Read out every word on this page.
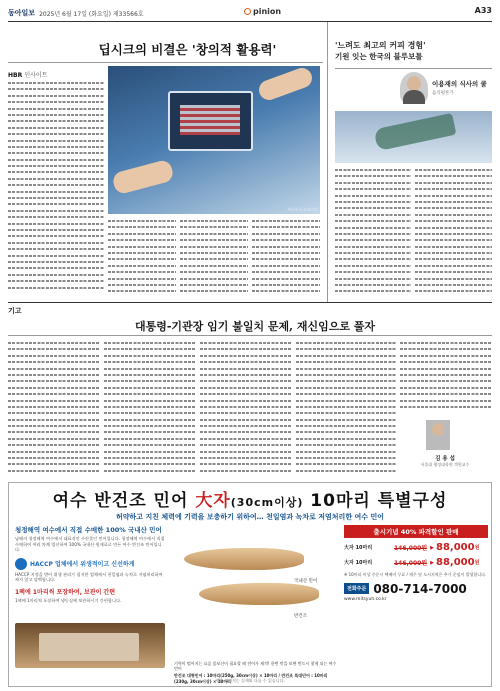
동아일보 2025년 6월 17일 (화요일)
제33566호	pinion	A33
딥시크의 비결은 '창의적 활용력'
HBR 인사이트
게티이미지코리아
'느려도 최고의 커피 경험'
기원 잇는 한국의 블루보틀
이용재의 식사의 쿨
음식평론가
기고
대통령-기관장 임기 불일치 문제, 재신임으로 풀자
김 용 섭
서울대 행정대학원 객원교수
여수 반건조 민어 大자(30cm이상) 10마리 특별구성
허약하고 지친 체력에 기력을 보충하기 위하여… 천일염과 녹차로 저염처리한 여수 민어
청정해역 여수에서 직접 수매한 100% 국내산 민어
남해의 청정해역 여수에서 대표적인 수산물인 민어입니다. 청정해역 여수에서 직접 수매하여 여러 차례 엄선하여 100% 국내산 원재료로 만든 여수 반건조 민어입니다.
HACCP 업체에서 위생적이고 신선하게
HACCP 지정을 받아 위생 관리가 철저한 업체에서 천일염과 녹차로 저염처리하여 짜지 않고 담백합니다.
1팩에 1마리씩 포장하여, 보관이 간편
1팩에 1마리씩 포장하여 냉동실에 보관하시기 간편합니다.
국내산 민어
반건조
기력이 떨어지는 요즘 몸보신이 필요할 때 민어가 제격! 한번 맛을 보면 반드시 찾게 되는 여수 민어
반건조 대형민어 : 10마리(250g, 30cm이상) × 10마리 / 반건조 특대민어 : 10마리(230g, 30cm이상) × 10마리
출시기념 40% 파격할인 판매
大자 10마리	146,000원 ▶ 88,000 원
大자 10마리	146,000원 ▶ 88,000 원
※ 10마리 이상 주문시 택배비 무료 / 제주 및 도서지역은 추가 운임이 발생합니다.
전화주문 080-714-7000
www.mitsyuh.co.kr
제품 이미지는 실제와 다를 수 있습니다.
